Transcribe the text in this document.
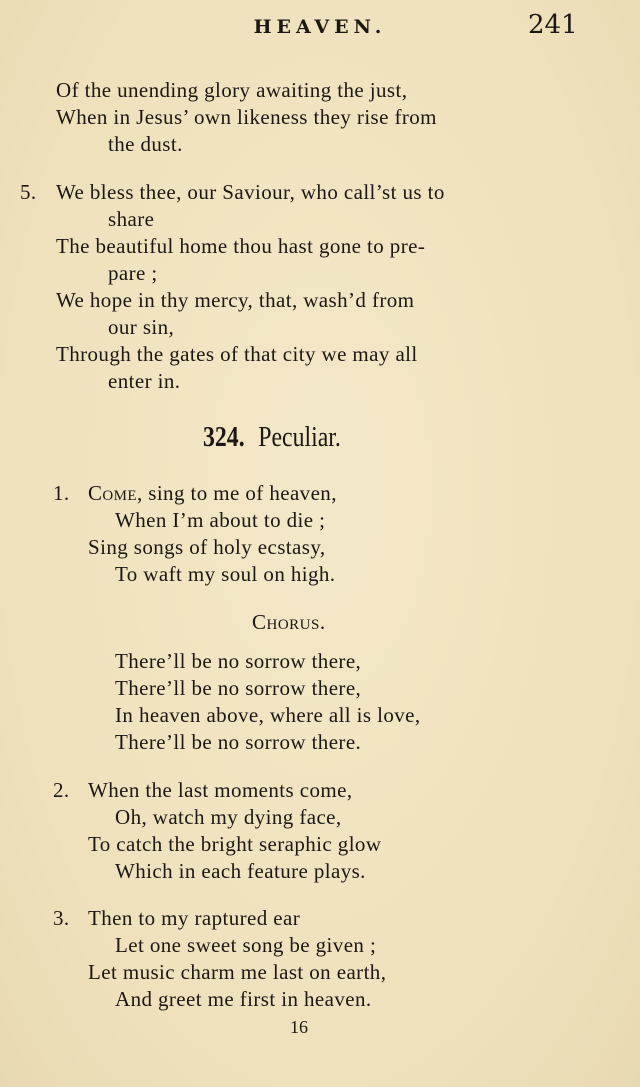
HEAVEN.	241
Of the unending glory awaiting the just,
When in Jesus’ own likeness they rise from
the dust.
5. We bless thee, our Saviour, who call’st us to
share
The beautiful home thou hast gone to pre-
pare ;
We hope in thy mercy, that, wash’d from
our sin,
Through the gates of that city we may all
enter in.
324. Peculiar.
1. Come, sing to me of heaven,
When I’m about to die ;
Sing songs of holy ecstasy,
To waft my soul on high.
Chorus.
There’ll be no sorrow there,
There’ll be no sorrow there,
In heaven above, where all is love,
There’ll be no sorrow there.
2. When the last moments come,
Oh, watch my dying face,
To catch the bright seraphic glow
Which in each feature plays.
3. Then to my raptured ear
Let one sweet song be given ;
Let music charm me last on earth,
And greet me first in heaven.
16
